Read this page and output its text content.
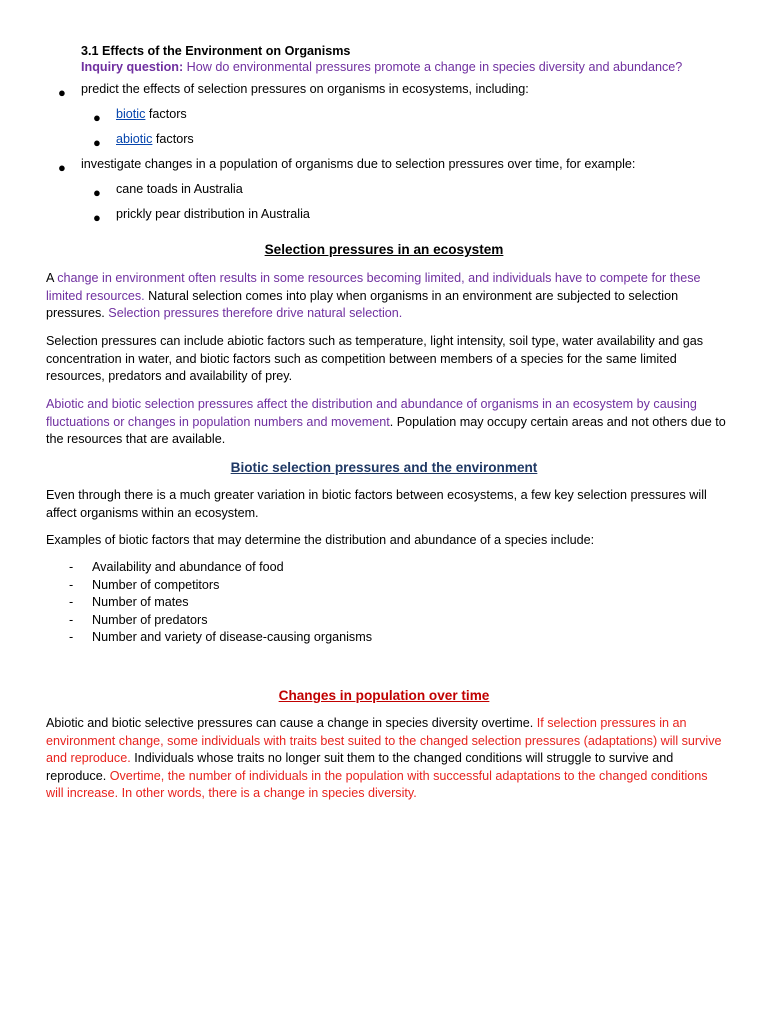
3.1 Effects of the Environment on Organisms
Inquiry question: How do environmental pressures promote a change in species diversity and abundance?
● predict the effects of selection pressures on organisms in ecosystems, including:
● biotic factors
● abiotic factors
● investigate changes in a population of organisms due to selection pressures over time, for example:
● cane toads in Australia
● prickly pear distribution in Australia
Selection pressures in an ecosystem
A change in environment often results in some resources becoming limited, and individuals have to compete for these limited resources. Natural selection comes into play when organisms in an environment are subjected to selection pressures. Selection pressures therefore drive natural selection.
Selection pressures can include abiotic factors such as temperature, light intensity, soil type, water availability and gas concentration in water, and biotic factors such as competition between members of a species for the same limited resources, predators and availability of prey.
Abiotic and biotic selection pressures affect the distribution and abundance of organisms in an ecosystem by causing fluctuations or changes in population numbers and movement. Population may occupy certain areas and not others due to the resources that are available.
Biotic selection pressures and the environment
Even through there is a much greater variation in biotic factors between ecosystems, a few key selection pressures will affect organisms within an ecosystem.
Examples of biotic factors that may determine the distribution and abundance of a species include:
- Availability and abundance of food
- Number of competitors
- Number of mates
- Number of predators
- Number and variety of disease-causing organisms
Changes in population over time
Abiotic and biotic selective pressures can cause a change in species diversity overtime. If selection pressures in an environment change, some individuals with traits best suited to the changed selection pressures (adaptations) will survive and reproduce. Individuals whose traits no longer suit them to the changed conditions will struggle to survive and reproduce. Overtime, the number of individuals in the population with successful adaptations to the changed conditions will increase. In other words, there is a change in species diversity.
